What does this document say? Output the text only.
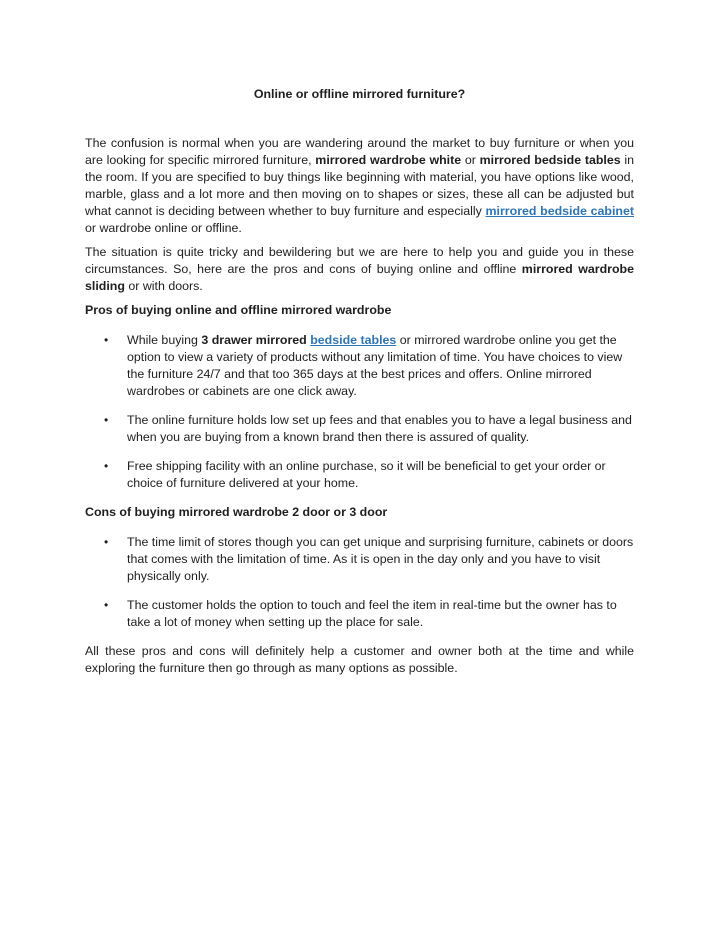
Online or offline mirrored furniture?

The confusion is normal when you are wandering around the market to buy furniture or when you are looking for specific mirrored furniture, mirrored wardrobe white or mirrored bedside tables in the room. If you are specified to buy things like beginning with material, you have options like wood, marble, glass and a lot more and then moving on to shapes or sizes, these all can be adjusted but what cannot is deciding between whether to buy furniture and especially mirrored bedside cabinet or wardrobe online or offline.

The situation is quite tricky and bewildering but we are here to help you and guide you in these circumstances. So, here are the pros and cons of buying online and offline mirrored wardrobe sliding or with doors.

Pros of buying online and offline mirrored wardrobe

• While buying 3 drawer mirrored bedside tables or mirrored wardrobe online you get the option to view a variety of products without any limitation of time. You have choices to view the furniture 24/7 and that too 365 days at the best prices and offers. Online mirrored wardrobes or cabinets are one click away.
• The online furniture holds low set up fees and that enables you to have a legal business and when you are buying from a known brand then there is assured of quality.
• Free shipping facility with an online purchase, so it will be beneficial to get your order or choice of furniture delivered at your home.

Cons of buying mirrored wardrobe 2 door or 3 door

• The time limit of stores though you can get unique and surprising furniture, cabinets or doors that comes with the limitation of time. As it is open in the day only and you have to visit physically only.
• The customer holds the option to touch and feel the item in real-time but the owner has to take a lot of money when setting up the place for sale.

All these pros and cons will definitely help a customer and owner both at the time and while exploring the furniture then go through as many options as possible.
